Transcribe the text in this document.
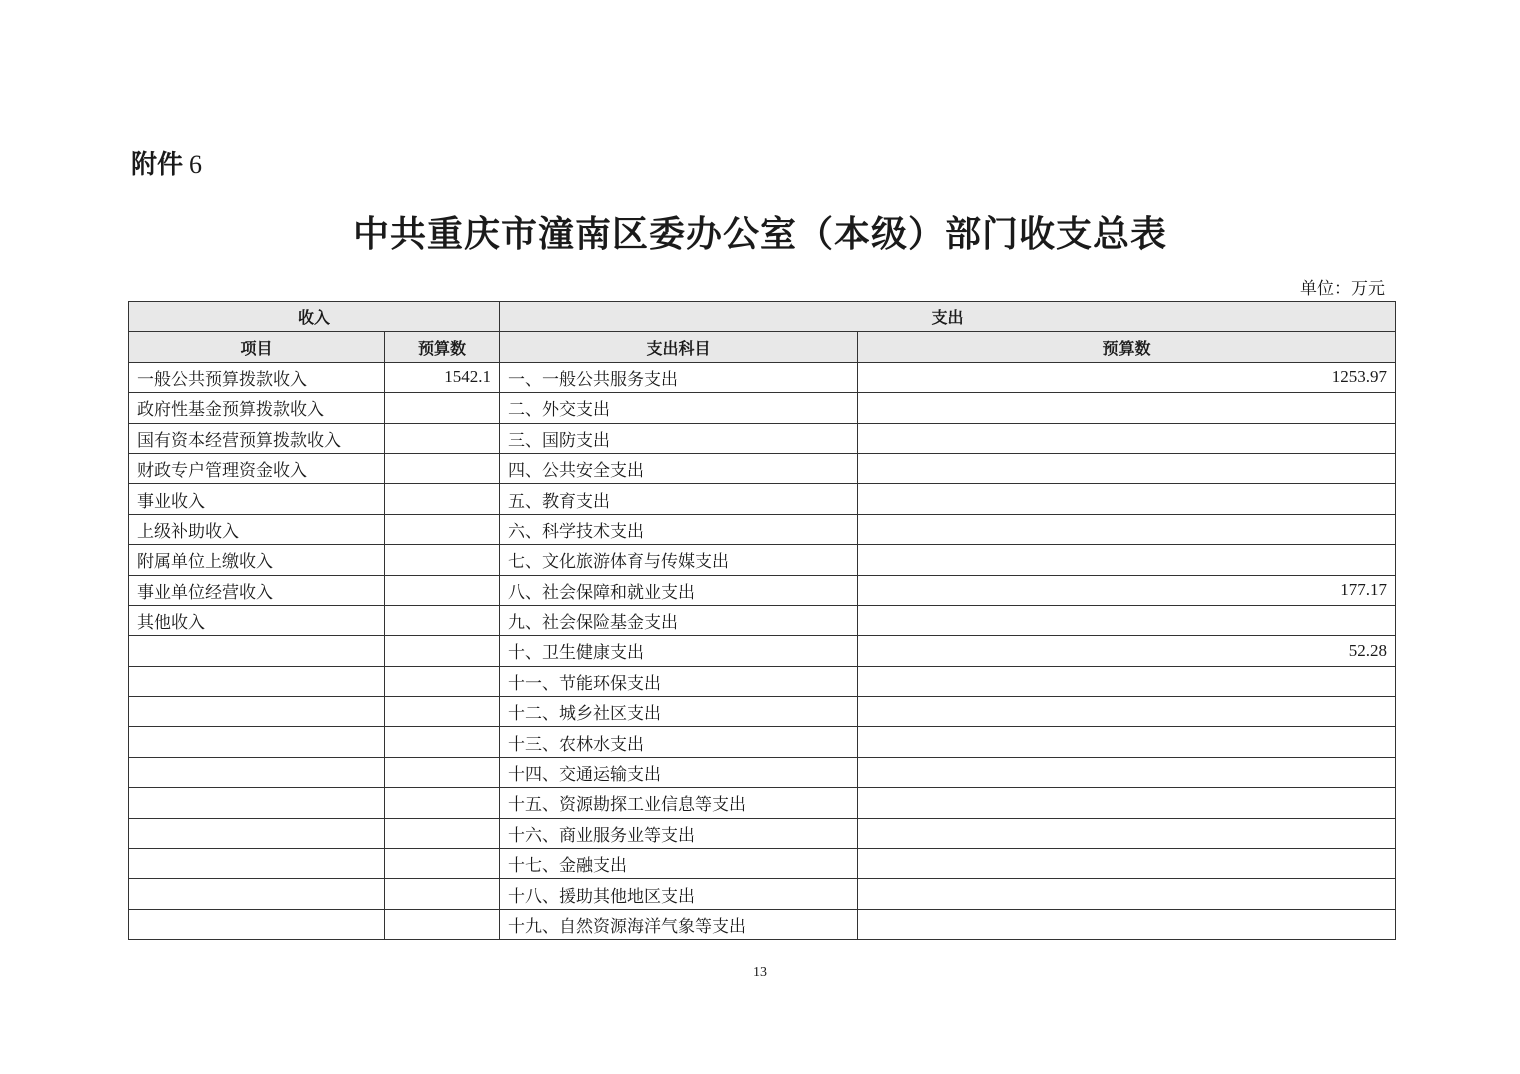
附件 6
中共重庆市潼南区委办公室（本级）部门收支总表
单位：万元
收入		支出	
项目	预算数	支出科目	预算数
一般公共预算拨款收入	1542.1	一、一般公共服务支出	1253.97
政府性基金预算拨款收入		二、外交支出	
国有资本经营预算拨款收入		三、国防支出	
财政专户管理资金收入		四、公共安全支出	
事业收入		五、教育支出	
上级补助收入		六、科学技术支出	
附属单位上缴收入		七、文化旅游体育与传媒支出	
事业单位经营收入		八、社会保障和就业支出	177.17
其他收入		九、社会保险基金支出	
		十、卫生健康支出	52.28
		十一、节能环保支出	
		十二、城乡社区支出	
		十三、农林水支出	
		十四、交通运输支出	
		十五、资源勘探工业信息等支出	
		十六、商业服务业等支出	
		十七、金融支出	
		十八、援助其他地区支出	
		十九、自然资源海洋气象等支出	
13
